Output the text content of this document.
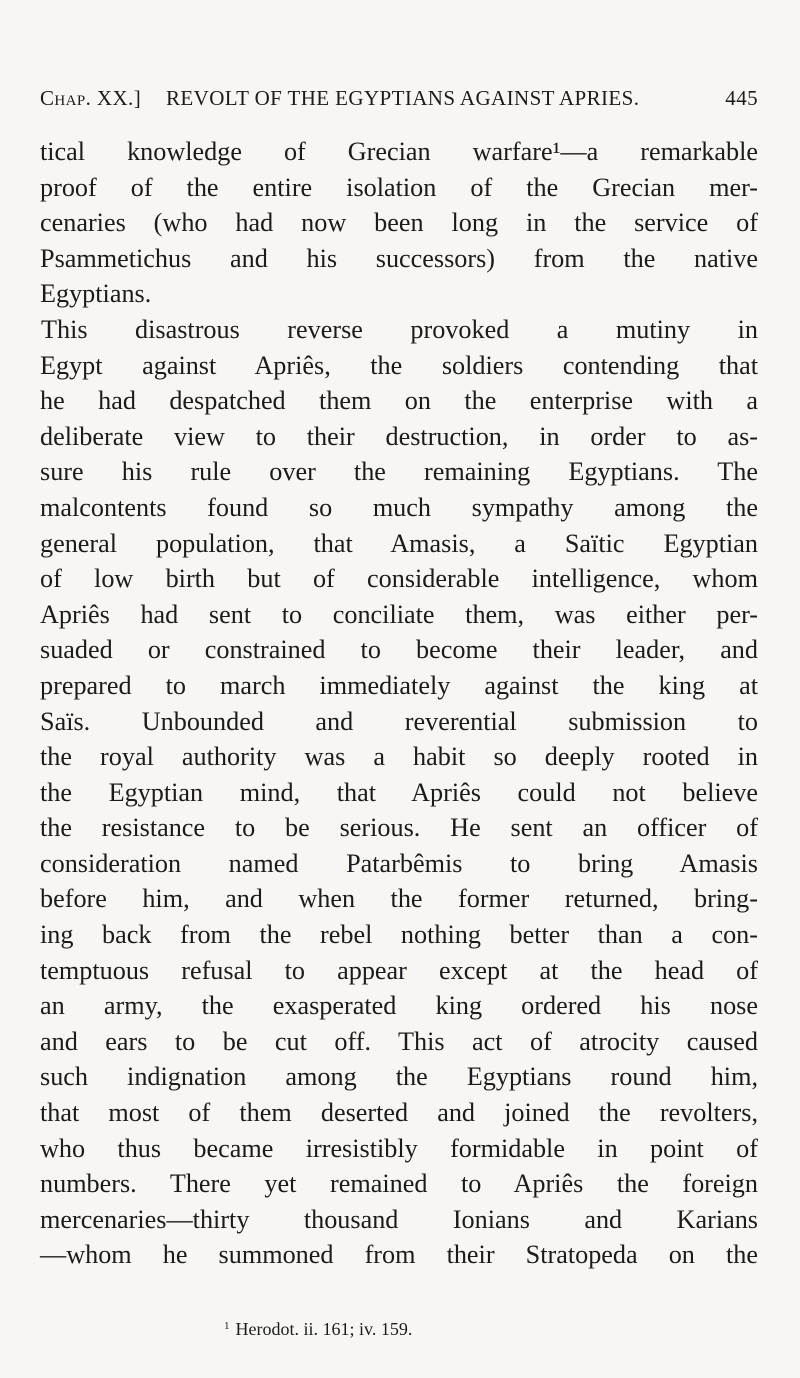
Chap. XX.] REVOLT OF THE EGYPTIANS AGAINST APRIES.	445
tical knowledge of Grecian warfare¹—a remarkable
proof of the entire isolation of the Grecian mer-
cenaries (who had now been long in the service of
Psammetichus and his successors) from the native
Egyptians.
This disastrous reverse provoked a mutiny in
Egypt against Apriês, the soldiers contending that
he had despatched them on the enterprise with a
deliberate view to their destruction, in order to as-
sure his rule over the remaining Egyptians. The
malcontents found so much sympathy among the
general population, that Amasis, a Saïtic Egyptian
of low birth but of considerable intelligence, whom
Apriês had sent to conciliate them, was either per-
suaded or constrained to become their leader, and
prepared to march immediately against the king at
Saïs. Unbounded and reverential submission to
the royal authority was a habit so deeply rooted in
the Egyptian mind, that Apriês could not believe
the resistance to be serious. He sent an officer of
consideration named Patarbêmis to bring Amasis
before him, and when the former returned, bring-
ing back from the rebel nothing better than a con-
temptuous refusal to appear except at the head of
an army, the exasperated king ordered his nose
and ears to be cut off. This act of atrocity caused
such indignation among the Egyptians round him,
that most of them deserted and joined the revolters,
who thus became irresistibly formidable in point of
numbers. There yet remained to Apriês the foreign
mercenaries—thirty thousand Ionians and Karians
—whom he summoned from their Stratopeda on the
$^1$ Herodot. ii. 161; iv. 159.
